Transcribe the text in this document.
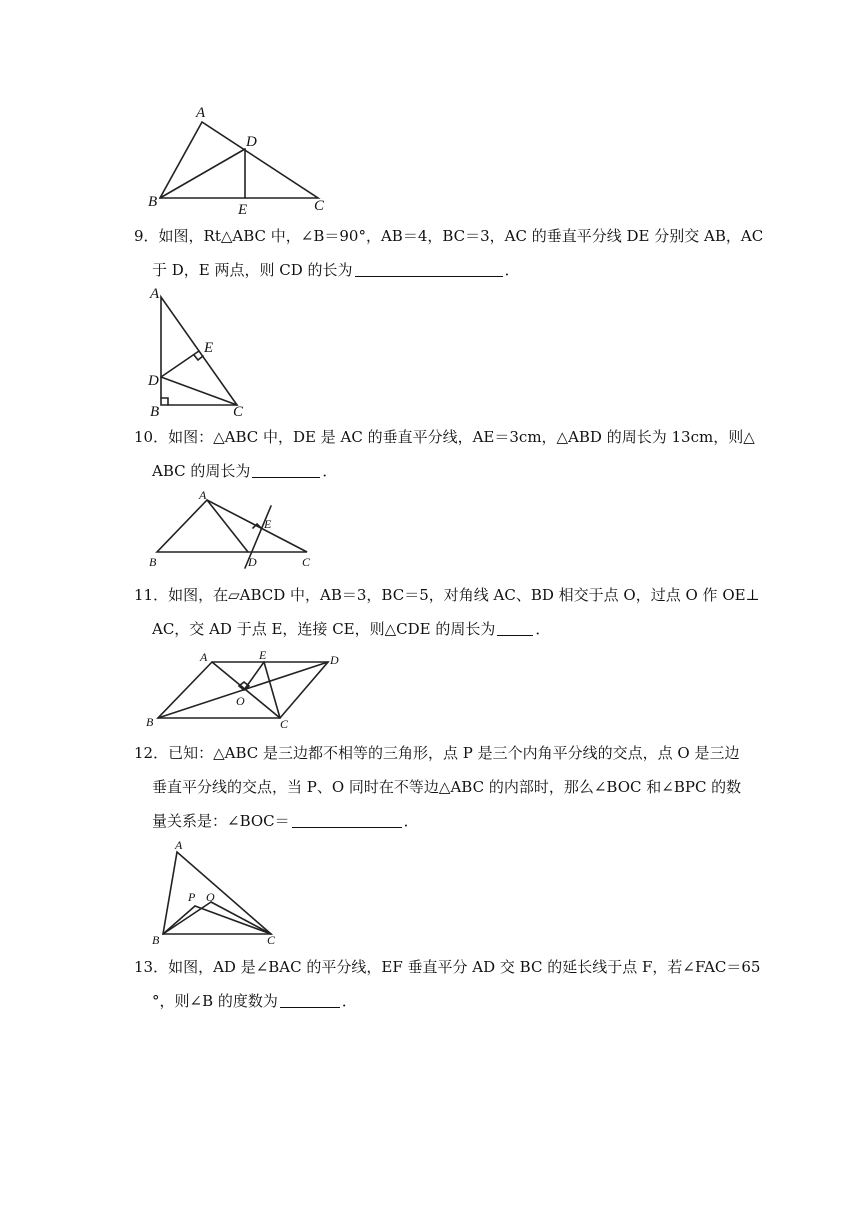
A
D
B	E	C
9．如图，Rt△ABC 中，∠B＝90°，AB＝4，BC＝3，AC 的垂直平分线 DE 分别交 AB，AC
于 D，E 两点，则 CD 的长为	．
A
E
D
B	C
10．如图：△ABC 中，DE 是 AC 的垂直平分线，AE＝3cm，△ABD 的周长为 13cm，则△
ABC 的周长为	．
A
E
B	D	C
11．如图，在▱ABCD 中，AB＝3，BC＝5，对角线 AC、BD 相交于点 O，过点 O 作 OE⊥
AC，交 AD 于点 E，连接 CE，则△CDE 的周长为	．
A	E	D
O
B	C
12．已知：△ABC 是三边都不相等的三角形，点 P 是三个内角平分线的交点，点 O 是三边
垂直平分线的交点，当 P、O 同时在不等边△ABC 的内部时，那么∠BOC 和∠BPC 的数
量关系是：∠BOC＝	．
A
P O
B	C
13．如图，AD 是∠BAC 的平分线，EF 垂直平分 AD 交 BC 的延长线于点 F，若∠FAC＝65
°，则∠B 的度数为	．
